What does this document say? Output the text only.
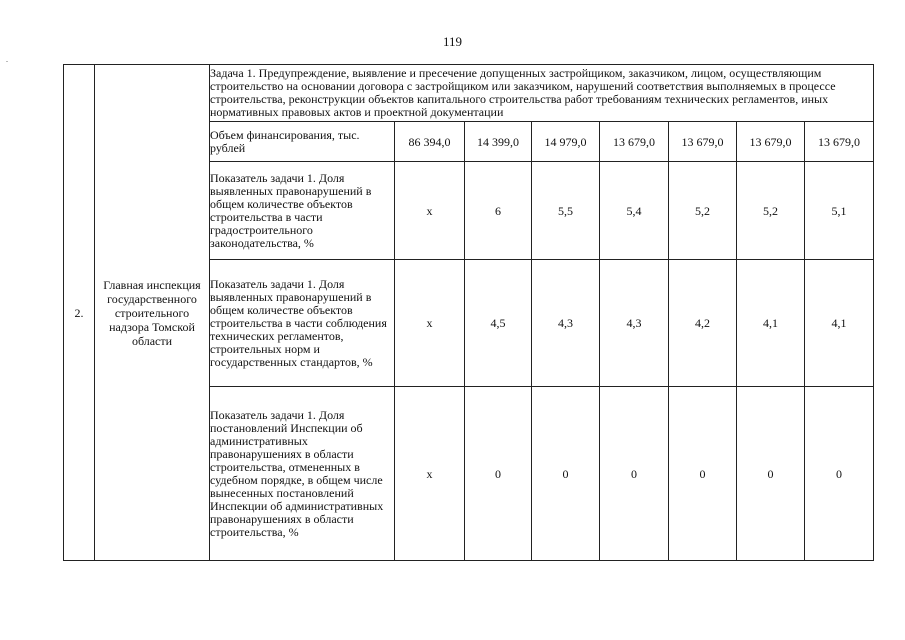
119
2.	Главная инспекция государственного строительного надзора Томской области	Задача 1. Предупреждение, выявление и пресечение допущенных застройщиком, заказчиком, лицом, осуществляющим строительство на основании договора с застройщиком или заказчиком, нарушений соответствия выполняемых в процессе строительства, реконструкции объектов капитального строительства работ требованиям технических регламентов, иных нормативных правовых актов и проектной документации							
		Объем финансирования, тыс. рублей	86 394,0	14 399,0	14 979,0	13 679,0	13 679,0	13 679,0	13 679,0
		Показатель задачи 1. Доля выявленных правонарушений в общем количестве объектов строительства в части градостроительного законодательства, %	x	6	5,5	5,4	5,2	5,2	5,1
		Показатель задачи 1. Доля выявленных правонарушений в общем количестве объектов строительства в части соблюдения технических регламентов, строительных норм и государственных стандартов, %	x	4,5	4,3	4,3	4,2	4,1	4,1
		Показатель задачи 1. Доля постановлений Инспекции об административных правонарушениях в области строительства, отмененных в судебном порядке, в общем числе вынесенных постановлений Инспекции об административных правонарушениях в области строительства, %	x	0	0	0	0	0	0
